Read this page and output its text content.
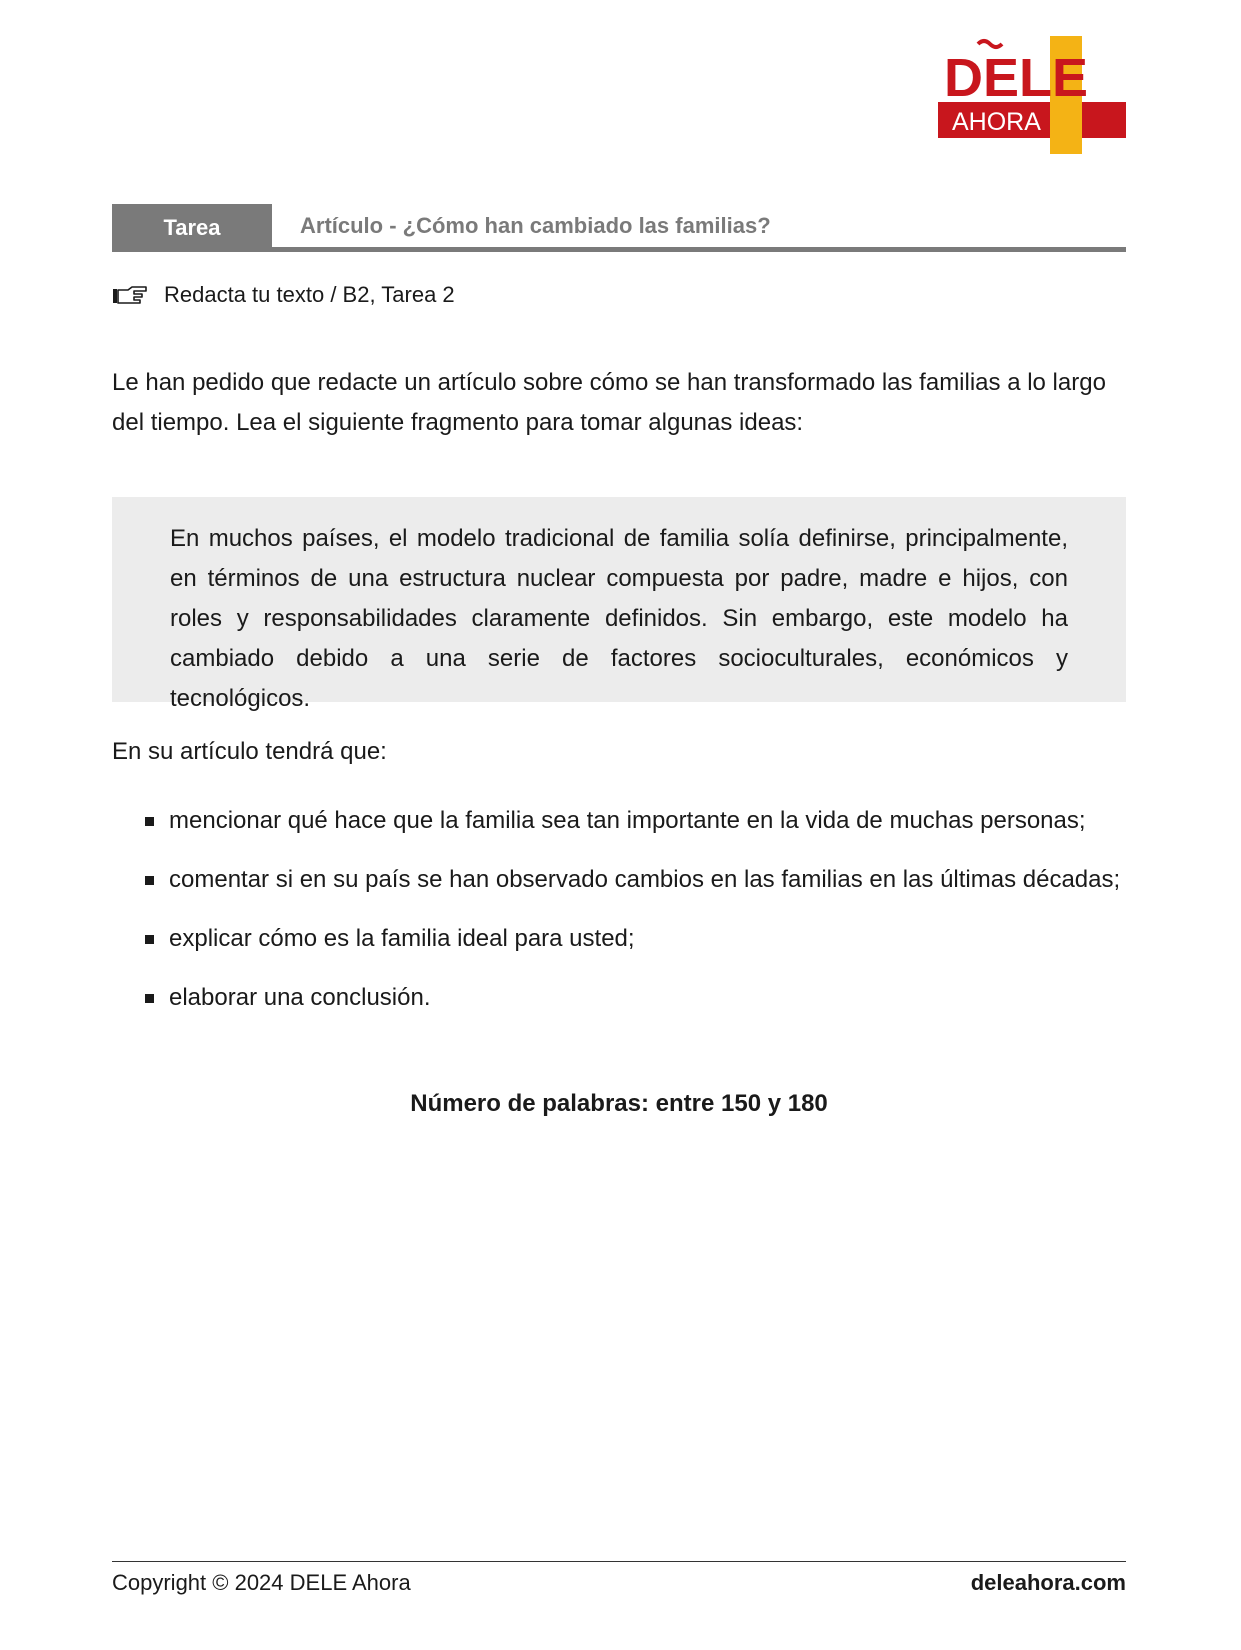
DELE
AHORA
Tarea	Artículo - ¿Cómo han cambiado las familias?
Redacta tu texto / B2, Tarea 2

Le han pedido que redacte un artículo sobre cómo se han transformado las familias a lo largo del tiempo. Lea el siguiente fragmento para tomar algunas ideas:

En muchos países, el modelo tradicional de familia solía definirse, principalmente, en términos de una estructura nuclear compuesta por padre, madre e hijos, con roles y responsabilidades claramente definidos. Sin embargo, este modelo ha cambiado debido a una serie de factores socioculturales, económicos y tecnológicos.

En su artículo tendrá que:

mencionar qué hace que la familia sea tan importante en la vida de muchas personas;
comentar si en su país se han observado cambios en las familias en las últimas décadas;
explicar cómo es la familia ideal para usted;
elaborar una conclusión.
Número de palabras: entre 150 y 180
Copyright © 2024 DELE Ahora	deleahora.com
